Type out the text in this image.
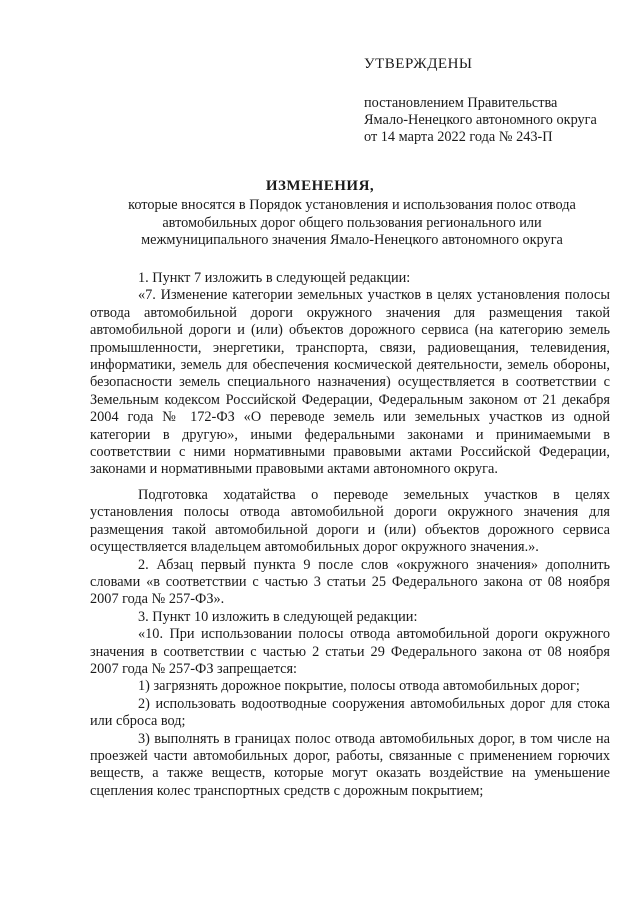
УТВЕРЖДЕНЫ
постановлением Правительства
Ямало-Ненецкого автономного округа
от 14 марта 2022 года № 243-П
ИЗМЕНЕНИЯ,
которые вносятся в Порядок установления и использования полос отвода автомобильных дорог общего пользования регионального или межмуниципального значения Ямало-Ненецкого автономного округа

1. Пункт 7 изложить в следующей редакции:

«7. Изменение категории земельных участков в целях установления полосы отвода автомобильной дороги окружного значения для размещения такой автомобильной дороги и (или) объектов дорожного сервиса (на категорию земель промышленности, энергетики, транспорта, связи, радиовещания, телевидения, информатики, земель для обеспечения космической деятельности, земель обороны, безопасности земель специального назначения) осуществляется в соответствии с Земельным кодексом Российской Федерации, Федеральным законом от 21 декабря 2004 года № 172-ФЗ «О переводе земель или земельных участков из одной категории в другую», иными федеральными законами и принимаемыми в соответствии с ними нормативными правовыми актами Российской Федерации, законами и нормативными правовыми актами автономного округа.

Подготовка ходатайства о переводе земельных участков в целях установления полосы отвода автомобильной дороги окружного значения для размещения такой автомобильной дороги и (или) объектов дорожного сервиса осуществляется владельцем автомобильных дорог окружного значения.».

2. Абзац первый пункта 9 после слов «окружного значения» дополнить словами «в соответствии с частью 3 статьи 25 Федерального закона от 08 ноября 2007 года № 257-ФЗ».

3. Пункт 10 изложить в следующей редакции:

«10. При использовании полосы отвода автомобильной дороги окружного значения в соответствии с частью 2 статьи 29 Федерального закона от 08 ноября 2007 года № 257-ФЗ запрещается:

1) загрязнять дорожное покрытие, полосы отвода автомобильных дорог;

2) использовать водоотводные сооружения автомобильных дорог для стока или сброса вод;

3) выполнять в границах полос отвода автомобильных дорог, в том числе на проезжей части автомобильных дорог, работы, связанные с применением горючих веществ, а также веществ, которые могут оказать воздействие на уменьшение сцепления колес транспортных средств с дорожным покрытием;
